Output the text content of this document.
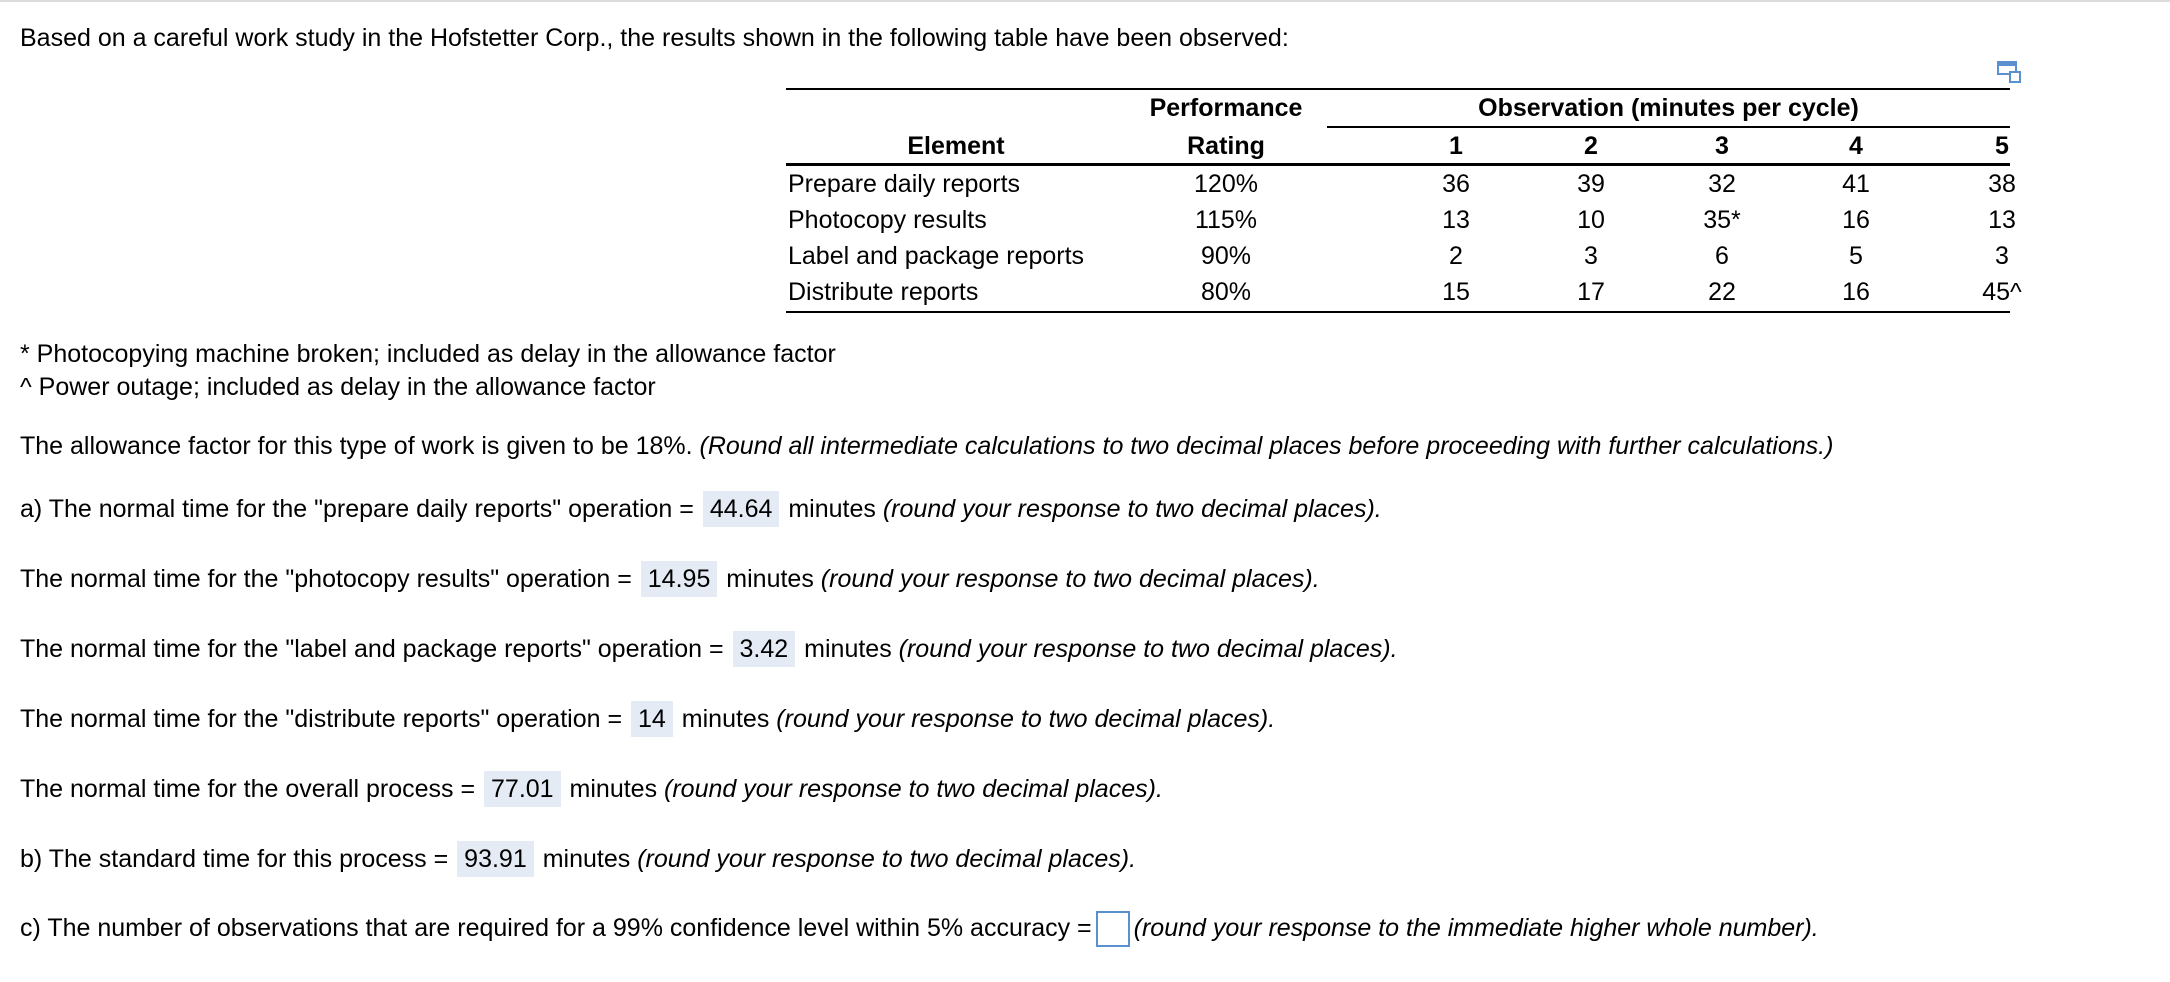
Based on a careful work study in the Hofstetter Corp., the results shown in the following table have been observed:
Performance	Observation (minutes per cycle)
Element	Rating	1	2	3	4	5
Prepare daily reports	120%	36	39	32	41	38
Photocopy results	115%	13	10	35*	16	13
Label and package reports	90%	2	3	6	5	3
Distribute reports	80%	15	17	22	16	45^
* Photocopying machine broken; included as delay in the allowance factor
^ Power outage; included as delay in the allowance factor
The allowance factor for this type of work is given to be 18%. (Round all intermediate calculations to two decimal places before proceeding with further calculations.)
a) The normal time for the "prepare daily reports" operation = 44.64 minutes (round your response to two decimal places).
The normal time for the "photocopy results" operation = 14.95 minutes (round your response to two decimal places).
The normal time for the "label and package reports" operation = 3.42 minutes (round your response to two decimal places).
The normal time for the "distribute reports" operation = 14 minutes (round your response to two decimal places).
The normal time for the overall process = 77.01 minutes (round your response to two decimal places).
b) The standard time for this process = 93.91 minutes (round your response to two decimal places).
c) The number of observations that are required for a 99% confidence level within 5% accuracy = (round your response to the immediate higher whole number).
